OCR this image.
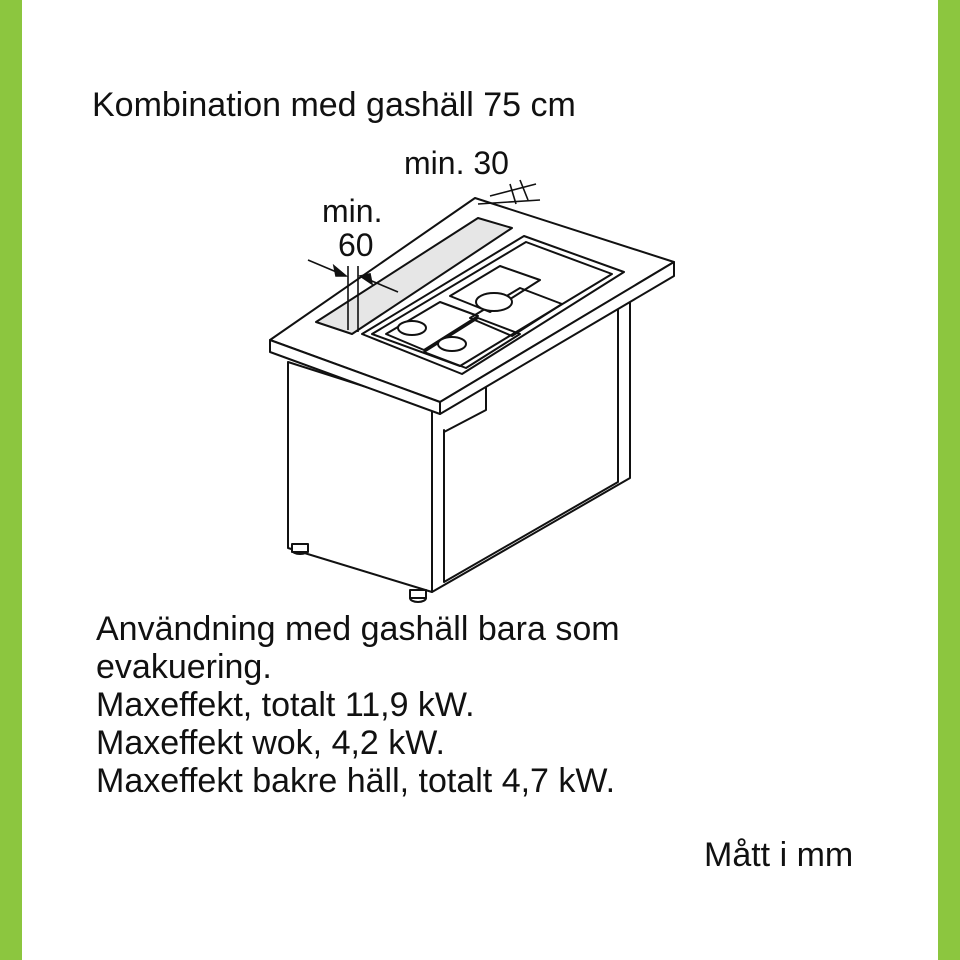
Kombination med gashäll 75 cm
min. 30
min.
60
Användning med gashäll bara som
evakuering.
Maxeffekt, totalt 11,9 kW.
Maxeffekt wok, 4,2 kW.
Maxeffekt bakre häll, totalt 4,7 kW.
Mått i mm
